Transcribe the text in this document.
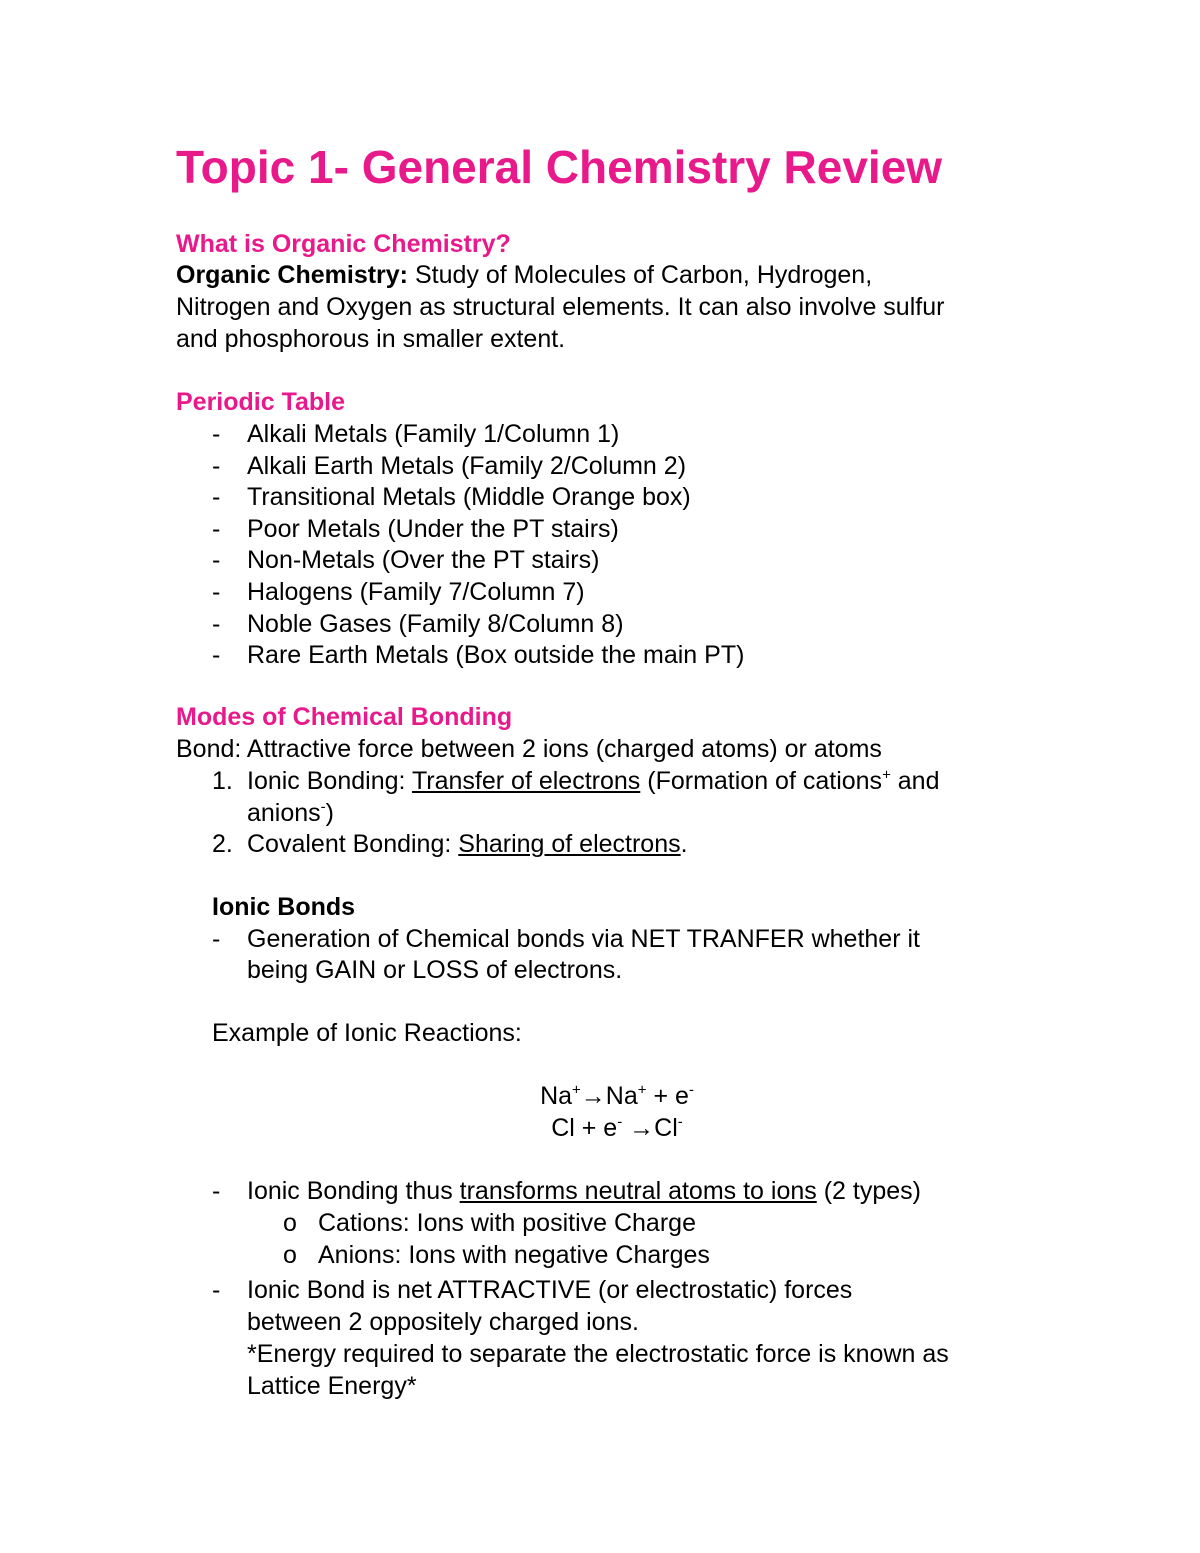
Topic 1- General Chemistry Review
What is Organic Chemistry?
Organic Chemistry: Study of Molecules of Carbon, Hydrogen,
Nitrogen and Oxygen as structural elements. It can also involve sulfur
and phosphorous in smaller extent.
Periodic Table
- Alkali Metals (Family 1/Column 1)
- Alkali Earth Metals (Family 2/Column 2)
- Transitional Metals (Middle Orange box)
- Poor Metals (Under the PT stairs)
- Non-Metals (Over the PT stairs)
- Halogens (Family 7/Column 7)
- Noble Gases (Family 8/Column 8)
- Rare Earth Metals (Box outside the main PT)
Modes of Chemical Bonding
Bond: Attractive force between 2 ions (charged atoms) or atoms
1. Ionic Bonding: Transfer of electrons (Formation of cations+ and
anions-)
2. Covalent Bonding: Sharing of electrons.
Ionic Bonds
- Generation of Chemical bonds via NET TRANFER whether it
being GAIN or LOSS of electrons.
Example of Ionic Reactions:
Na+→Na+ + e-
Cl + e- →Cl-
- Ionic Bonding thus transforms neutral atoms to ions (2 types)
o Cations: Ions with positive Charge
o Anions: Ions with negative Charges
- Ionic Bond is net ATTRACTIVE (or electrostatic) forces
between 2 oppositely charged ions.
*Energy required to separate the electrostatic force is known as
Lattice Energy*
